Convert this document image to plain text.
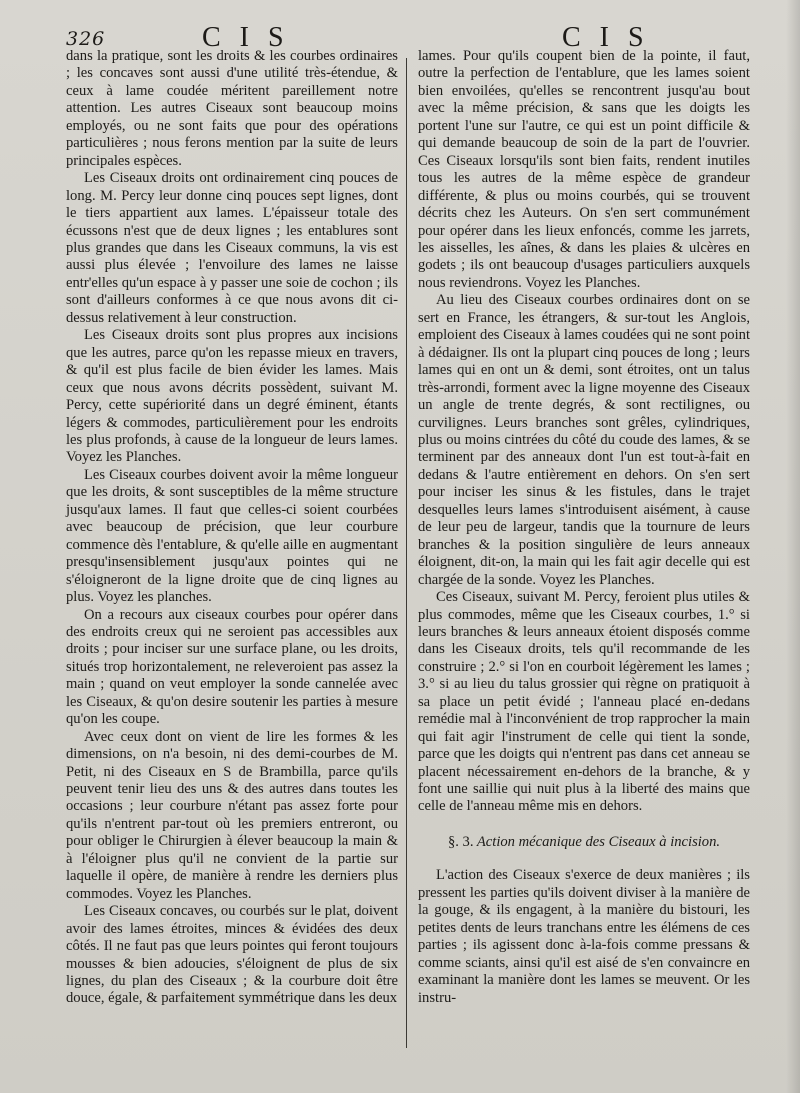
326	C I S	C I S

dans la pratique, sont les droits & les courbes ordinaires ; les concaves sont aussi d'une utilité très-étendue, & ceux à lame coudée méritent pareillement notre attention. Les autres Ciseaux sont beaucoup moins employés, ou ne sont faits que pour des opérations particulières ; nous ferons mention par la suite de leurs principales espèces.

Les Ciseaux droits ont ordinairement cinq pouces de long. M. Percy leur donne cinq pouces sept lignes, dont le tiers appartient aux lames. L'épaisseur totale des écussons n'est que de deux lignes ; les entablures sont plus grandes que dans les Ciseaux communs, la vis est aussi plus élevée ; l'envoilure des lames ne laisse entr'elles qu'un espace à y passer une soie de cochon ; ils sont d'ailleurs conformes à ce que nous avons dit ci-dessus relativement à leur construction.

Les Ciseaux droits sont plus propres aux incisions que les autres, parce qu'on les repasse mieux en travers, & qu'il est plus facile de bien évider les lames. Mais ceux que nous avons décrits possèdent, suivant M. Percy, cette supériorité dans un degré éminent, étants légers & commodes, particulièrement pour les endroits les plus profonds, à cause de la longueur de leurs lames. Voyez les Planches.

Les Ciseaux courbes doivent avoir la même longueur que les droits, & sont susceptibles de la même structure jusqu'aux lames. Il faut que celles-ci soient courbées avec beaucoup de précision, que leur courbure commence dès l'entablure, & qu'elle aille en augmentant presqu'insensiblement jusqu'aux pointes qui ne s'éloigneront de la ligne droite que de cinq lignes au plus. Voyez les planches.

On a recours aux ciseaux courbes pour opérer dans des endroits creux qui ne seroient pas accessibles aux droits ; pour inciser sur une surface plane, ou les droits, situés trop horizontalement, ne releveroient pas assez la main ; quand on veut employer la sonde cannelée avec les Ciseaux, & qu'on desire soutenir les parties à mesure qu'on les coupe.

Avec ceux dont on vient de lire les formes & les dimensions, on n'a besoin, ni des demi-courbes de M. Petit, ni des Ciseaux en S de Brambilla, parce qu'ils peuvent tenir lieu des uns & des autres dans toutes les occasions ; leur courbure n'étant pas assez forte pour qu'ils n'entrent par-tout où les premiers entreront, ou pour obliger le Chirurgien à élever beaucoup la main & à l'éloigner plus qu'il ne convient de la partie sur laquelle il opère, de manière à rendre les derniers plus commodes. Voyez les Planches.

Les Ciseaux concaves, ou courbés sur le plat, doivent avoir des lames étroites, minces & évidées des deux côtés. Il ne faut pas que leurs pointes qui feront toujours mousses & bien adoucies, s'éloignent de plus de six lignes, du plan des Ciseaux ; & la courbure doit être douce, égale, & parfaitement symmétrique dans les deux

lames. Pour qu'ils coupent bien de la pointe, il faut, outre la perfection de l'entablure, que les lames soient bien envoilées, qu'elles se rencontrent jusqu'au bout avec la même précision, & sans que les doigts les portent l'une sur l'autre, ce qui est un point difficile & qui demande beaucoup de soin de la part de l'ouvrier. Ces Ciseaux lorsqu'ils sont bien faits, rendent inutiles tous les autres de la même espèce de grandeur différente, & plus ou moins courbés, qui se trouvent décrits chez les Auteurs. On s'en sert communément pour opérer dans les lieux enfoncés, comme les jarrets, les aisselles, les aînes, & dans les plaies & ulcères en godets ; ils ont beaucoup d'usages particuliers auxquels nous reviendrons. Voyez les Planches.

Au lieu des Ciseaux courbes ordinaires dont on se sert en France, les étrangers, & sur-tout les Anglois, emploient des Ciseaux à lames coudées qui ne sont point à dédaigner. Ils ont la plupart cinq pouces de long ; leurs lames qui en ont un & demi, sont étroites, ont un talus très-arrondi, forment avec la ligne moyenne des Ciseaux un angle de trente degrés, & sont rectilignes, ou curvilignes. Leurs branches sont grêles, cylindriques, plus ou moins cintrées du côté du coude des lames, & se terminent par des anneaux dont l'un est tout-à-fait en dedans & l'autre entièrement en dehors. On s'en sert pour inciser les sinus & les fistules, dans le trajet desquelles leurs lames s'introduisent aisément, à cause de leur peu de largeur, tandis que la tournure de leurs branches & la position singulière de leurs anneaux éloignent, dit-on, la main qui les fait agir decelle qui est chargée de la sonde. Voyez les Planches.

Ces Ciseaux, suivant M. Percy, feroient plus utiles & plus commodes, même que les Ciseaux courbes, 1.° si leurs branches & leurs anneaux étoient disposés comme dans les Ciseaux droits, tels qu'il recommande de les construire ; 2.° si l'on en courboit légèrement les lames ; 3.° si au lieu du talus grossier qui règne on pratiquoit à sa place un petit évidé ; l'anneau placé en-dedans remédie mal à l'inconvénient de trop rapprocher la main qui fait agir l'instrument de celle qui tient la sonde, parce que les doigts qui n'entrent pas dans cet anneau se placent nécessairement en-dehors de la branche, & y font une saillie qui nuit plus à la liberté des mains que celle de l'anneau même mis en dehors.

§. 3. Action mécanique des Ciseaux à incision.

L'action des Ciseaux s'exerce de deux manières ; ils pressent les parties qu'ils doivent diviser à la manière de la gouge, & ils engagent, à la manière du bistouri, les petites dents de leurs tranchans entre les élémens de ces parties ; ils agissent donc à-la-fois comme pressans & comme sciants, ainsi qu'il est aisé de s'en convaincre en examinant la manière dont les lames se meuvent. Or les instru-
